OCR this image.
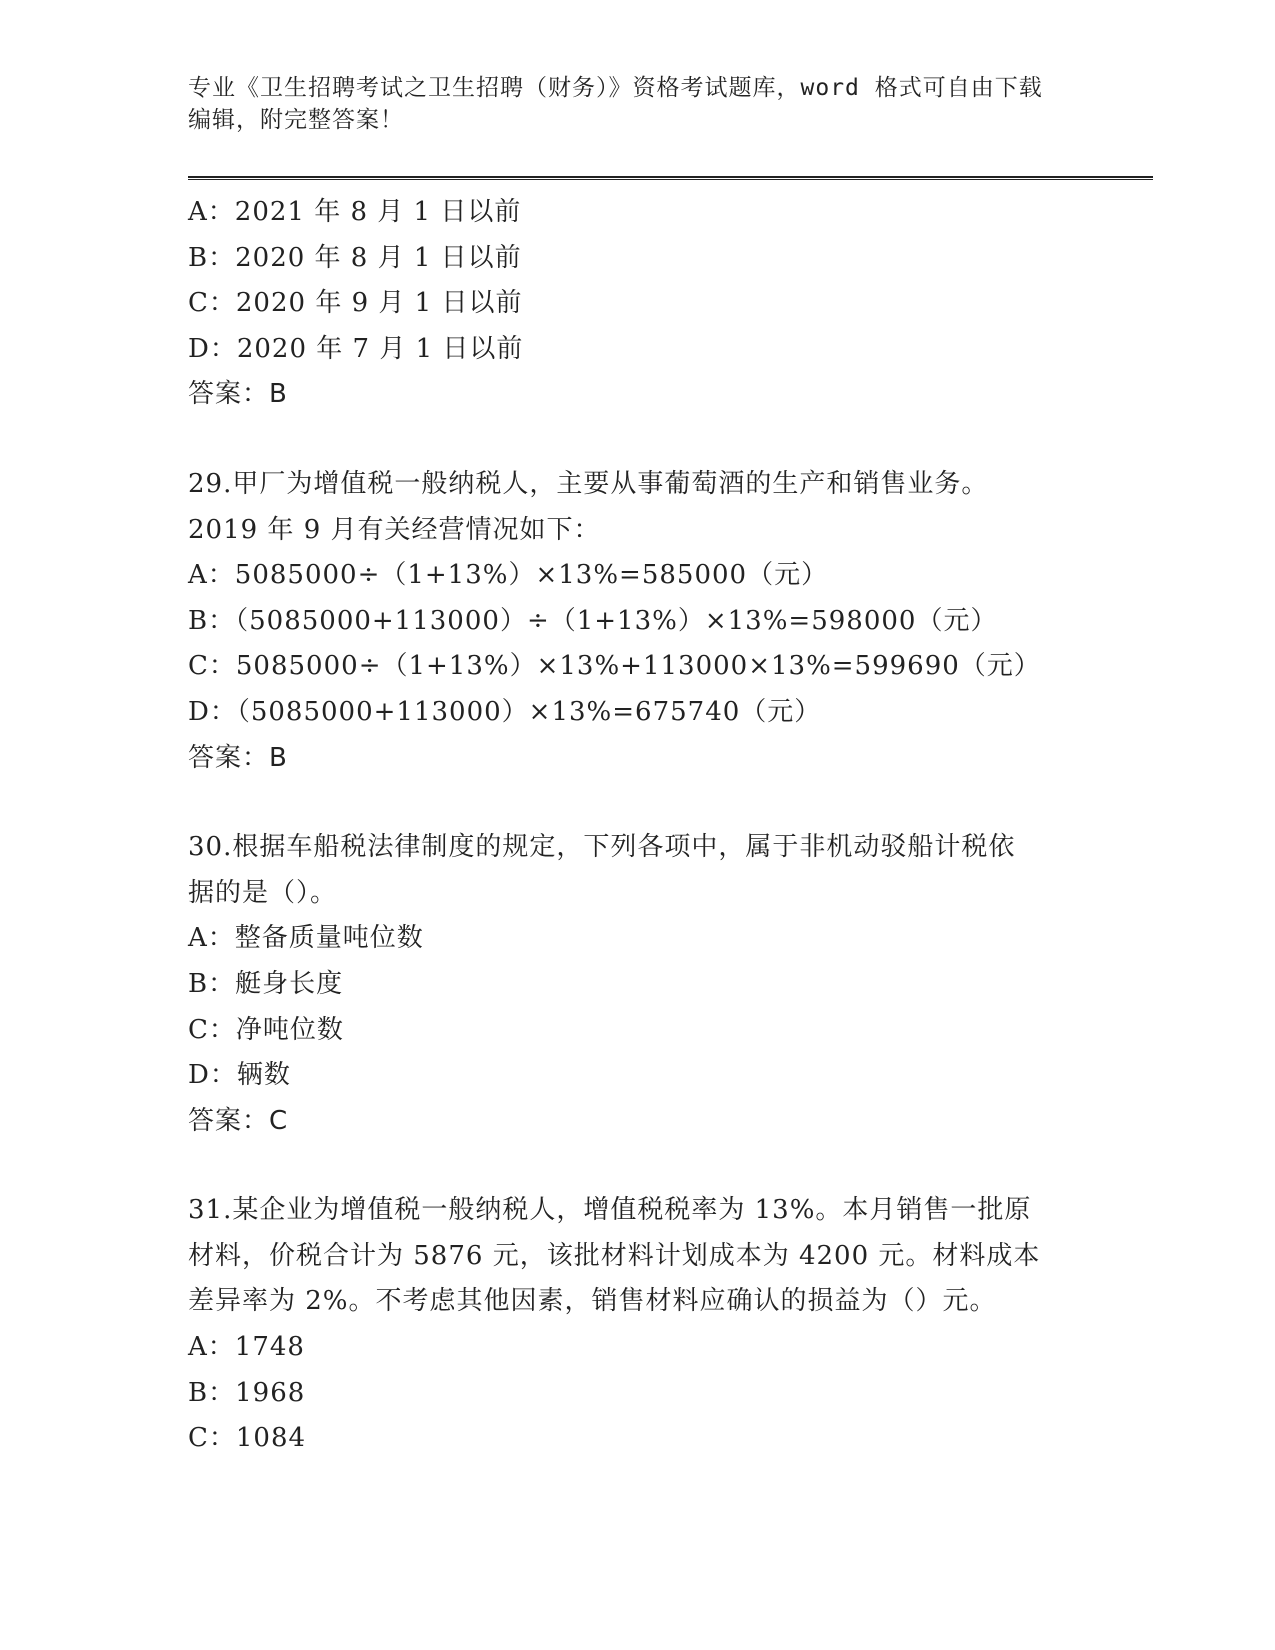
专业《卫生招聘考试之卫生招聘（财务）》资格考试题库，word 格式可自由下载
编辑，附完整答案！
A：2021 年 8 月 1 日以前
B：2020 年 8 月 1 日以前
C：2020 年 9 月 1 日以前
D：2020 年 7 月 1 日以前
答案：B
29.甲厂为增值税一般纳税人，主要从事葡萄酒的生产和销售业务。
2019 年 9 月有关经营情况如下：
A：5085000÷（1+13%）×13%=585000（元）
B：（5085000+113000）÷（1+13%）×13%=598000（元）
C：5085000÷（1+13%）×13%+113000×13%=599690（元）
D：（5085000+113000）×13%=675740（元）
答案：B
30.根据车船税法律制度的规定，下列各项中，属于非机动驳船计税依
据的是（）。
A：整备质量吨位数
B：艇身长度
C：净吨位数
D：辆数
答案：C
31.某企业为增值税一般纳税人，增值税税率为 13%。本月销售一批原
材料，价税合计为 5876 元，该批材料计划成本为 4200 元。材料成本
差异率为 2%。不考虑其他因素，销售材料应确认的损益为（）元。
A：1748
B：1968
C：1084
